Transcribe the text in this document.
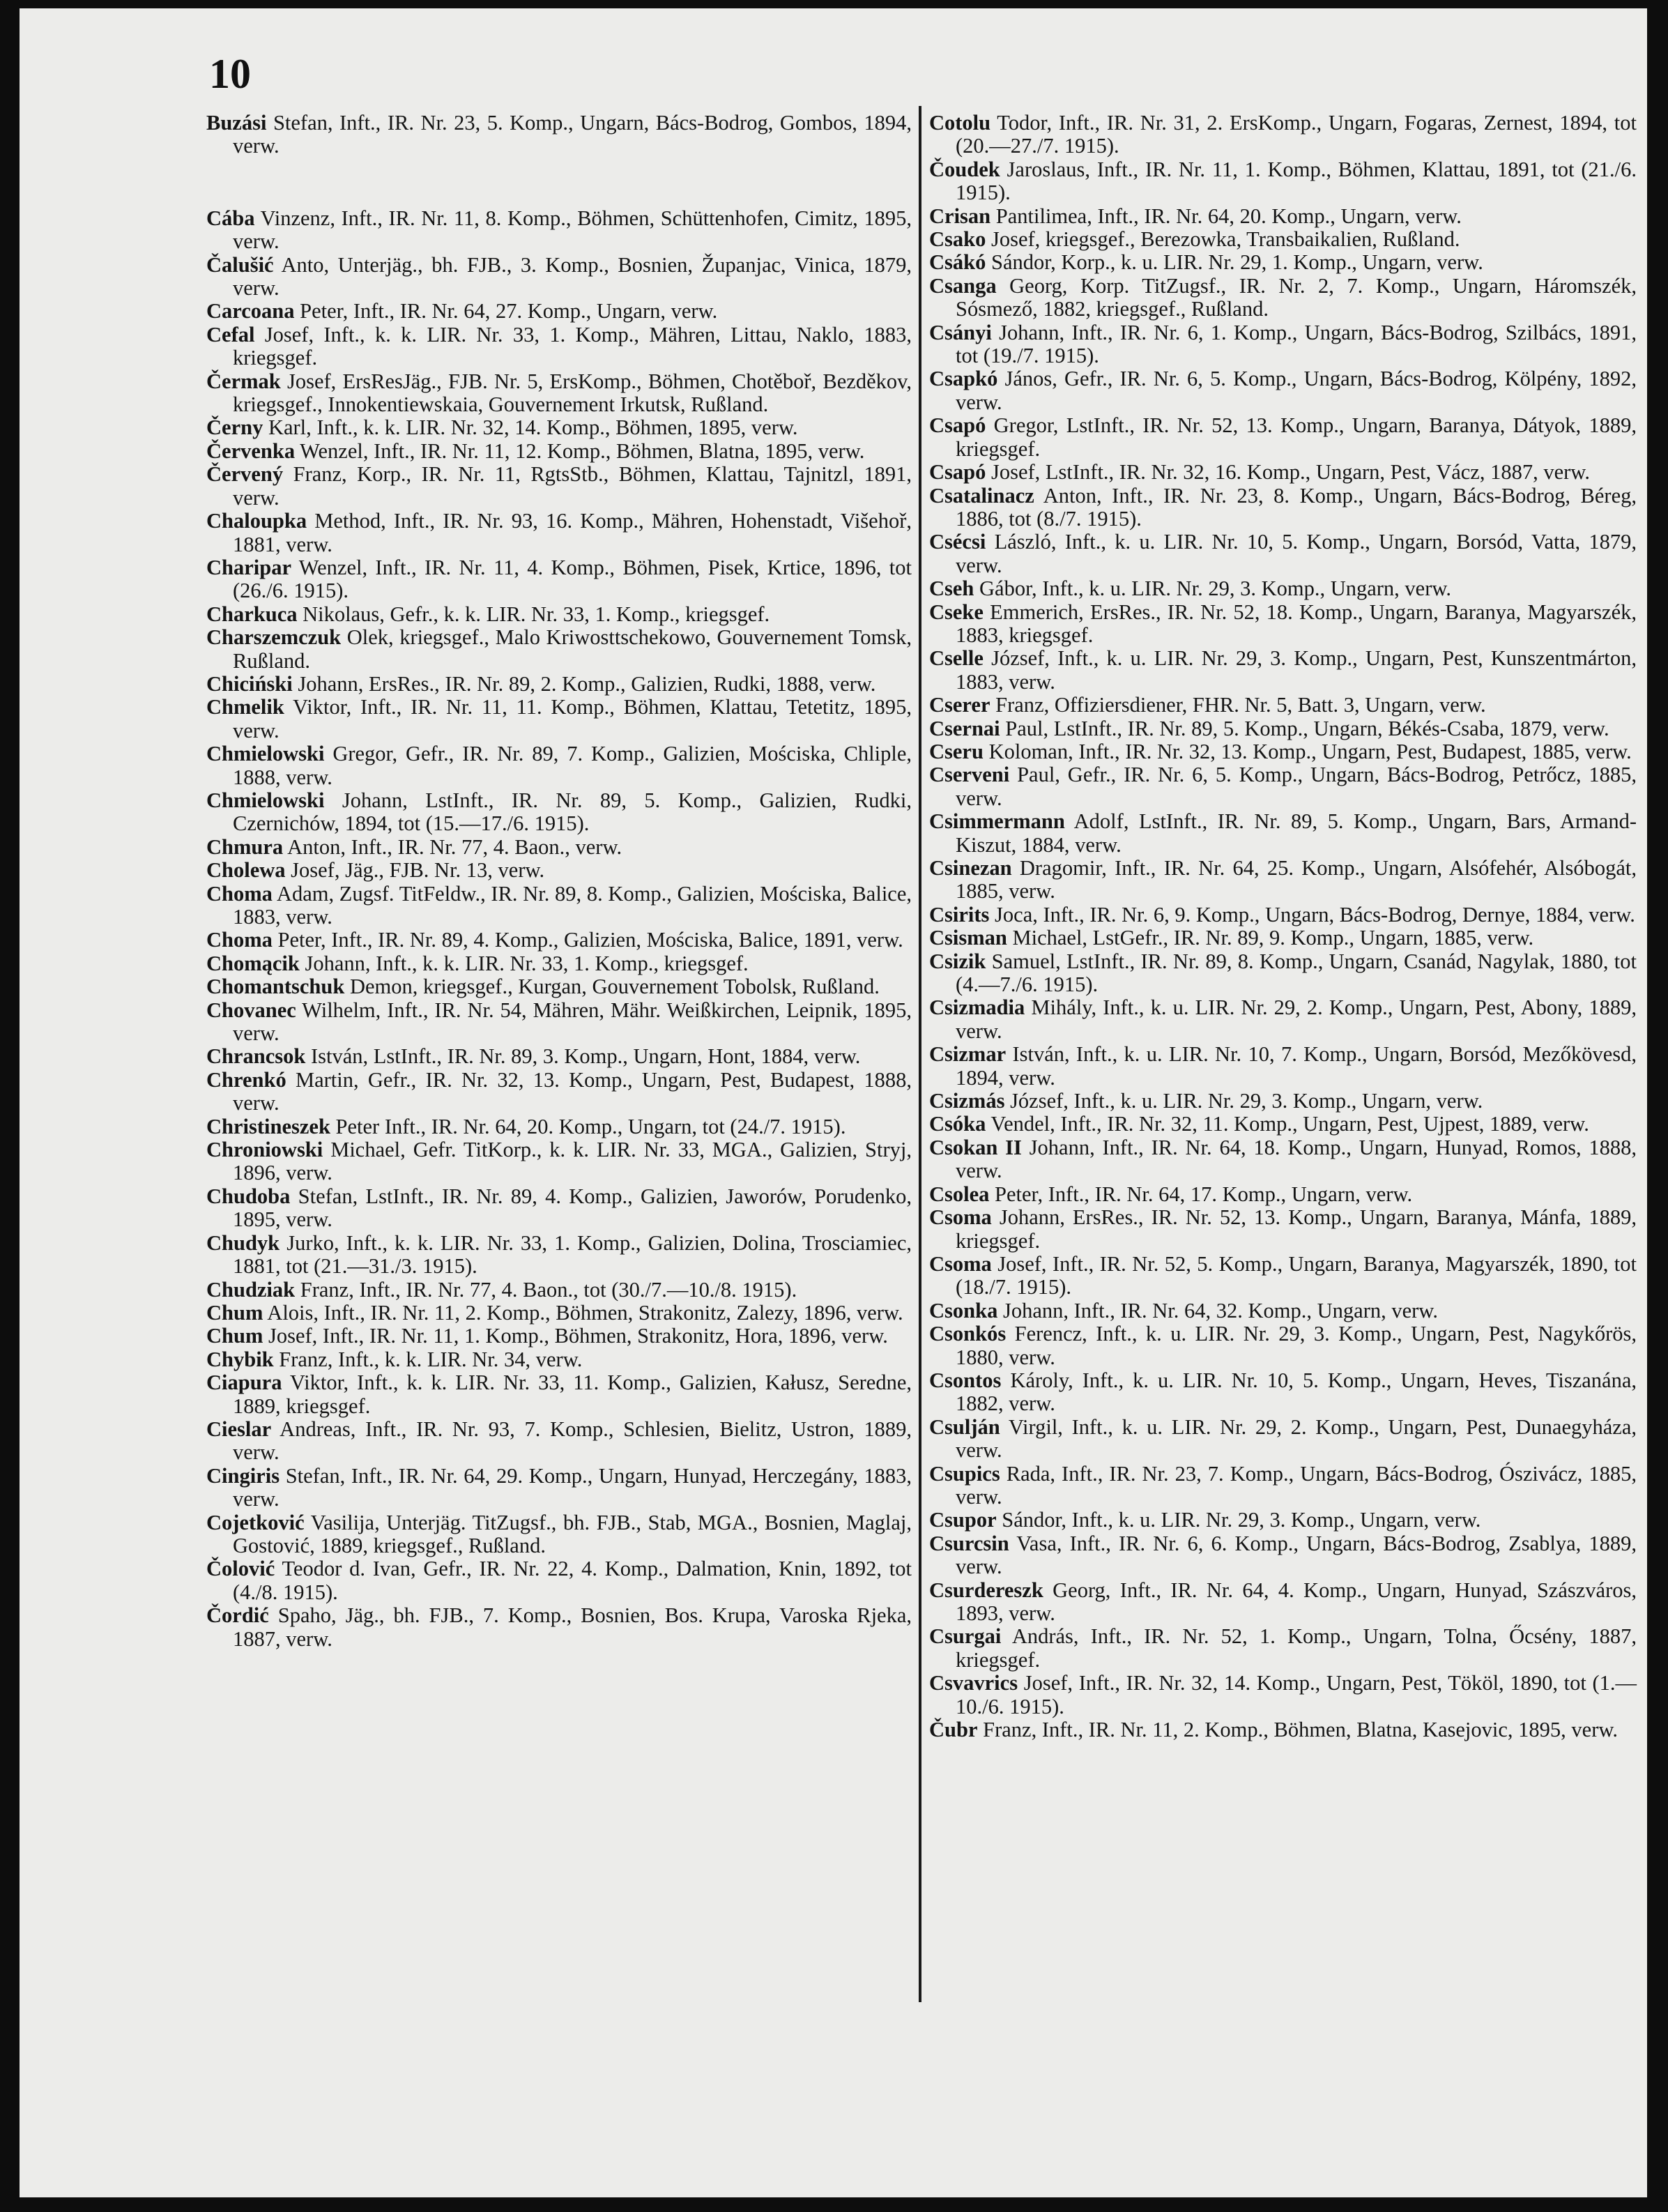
10

Buzási Stefan, Inft., IR. Nr. 23, 5. Komp., Ungarn, Bács-Bodrog, Gombos, 1894, verw.

Cába Vinzenz, Inft., IR. Nr. 11, 8. Komp., Böhmen, Schüttenhofen, Cimitz, 1895, verw.

Čalušić Anto, Unterjäg., bh. FJB., 3. Komp., Bosnien, Županjac, Vinica, 1879, verw.

Carcoana Peter, Inft., IR. Nr. 64, 27. Komp., Ungarn, verw.

Cefal Josef, Inft., k. k. LIR. Nr. 33, 1. Komp., Mähren, Littau, Naklo, 1883, kriegsgef.

Čermak Josef, ErsResJäg., FJB. Nr. 5, ErsKomp., Böhmen, Chotěboř, Bezděkov, kriegsgef., Innokentiewskaia, Gouvernement Irkutsk, Rußland.

Černy Karl, Inft., k. k. LIR. Nr. 32, 14. Komp., Böhmen, 1895, verw.

Červenka Wenzel, Inft., IR. Nr. 11, 12. Komp., Böhmen, Blatna, 1895, verw.

Červený Franz, Korp., IR. Nr. 11, RgtsStb., Böhmen, Klattau, Tajnitzl, 1891, verw.

Chaloupka Method, Inft., IR. Nr. 93, 16. Komp., Mähren, Hohenstadt, Višehoř, 1881, verw.

Charipar Wenzel, Inft., IR. Nr. 11, 4. Komp., Böhmen, Pisek, Krtice, 1896, tot (26./6. 1915).

Charkuca Nikolaus, Gefr., k. k. LIR. Nr. 33, 1. Komp., kriegsgef.

Charszemczuk Olek, kriegsgef., Malo Kriwosttschekowo, Gouvernement Tomsk, Rußland.

Chiciński Johann, ErsRes., IR. Nr. 89, 2. Komp., Galizien, Rudki, 1888, verw.

Chmelik Viktor, Inft., IR. Nr. 11, 11. Komp., Böhmen, Klattau, Tetetitz, 1895, verw.

Chmielowski Gregor, Gefr., IR. Nr. 89, 7. Komp., Galizien, Mościska, Chliple, 1888, verw.

Chmielowski Johann, LstInft., IR. Nr. 89, 5. Komp., Galizien, Rudki, Czernichów, 1894, tot (15.—17./6. 1915).

Chmura Anton, Inft., IR. Nr. 77, 4. Baon., verw.

Cholewa Josef, Jäg., FJB. Nr. 13, verw.

Choma Adam, Zugsf. TitFeldw., IR. Nr. 89, 8. Komp., Galizien, Mościska, Balice, 1883, verw.

Choma Peter, Inft., IR. Nr. 89, 4. Komp., Galizien, Mościska, Balice, 1891, verw.

Chomącik Johann, Inft., k. k. LIR. Nr. 33, 1. Komp., kriegsgef.

Chomantschuk Demon, kriegsgef., Kurgan, Gouvernement Tobolsk, Rußland.

Chovanec Wilhelm, Inft., IR. Nr. 54, Mähren, Mähr. Weißkirchen, Leipnik, 1895, verw.

Chrancsok István, LstInft., IR. Nr. 89, 3. Komp., Ungarn, Hont, 1884, verw.

Chrenkó Martin, Gefr., IR. Nr. 32, 13. Komp., Ungarn, Pest, Budapest, 1888, verw.

Christineszek Peter Inft., IR. Nr. 64, 20. Komp., Ungarn, tot (24./7. 1915).

Chroniowski Michael, Gefr. TitKorp., k. k. LIR. Nr. 33, MGA., Galizien, Stryj, 1896, verw.

Chudoba Stefan, LstInft., IR. Nr. 89, 4. Komp., Galizien, Jaworów, Porudenko, 1895, verw.

Chudyk Jurko, Inft., k. k. LIR. Nr. 33, 1. Komp., Galizien, Dolina, Trosciamiec, 1881, tot (21.—31./3. 1915).

Chudziak Franz, Inft., IR. Nr. 77, 4. Baon., tot (30./7.—10./8. 1915).

Chum Alois, Inft., IR. Nr. 11, 2. Komp., Böhmen, Strakonitz, Zalezy, 1896, verw.

Chum Josef, Inft., IR. Nr. 11, 1. Komp., Böhmen, Strakonitz, Hora, 1896, verw.

Chybik Franz, Inft., k. k. LIR. Nr. 34, verw.

Ciapura Viktor, Inft., k. k. LIR. Nr. 33, 11. Komp., Galizien, Kałusz, Seredne, 1889, kriegsgef.

Cieslar Andreas, Inft., IR. Nr. 93, 7. Komp., Schlesien, Bielitz, Ustron, 1889, verw.

Cingiris Stefan, Inft., IR. Nr. 64, 29. Komp., Ungarn, Hunyad, Herczegány, 1883, verw.

Cojetković Vasilija, Unterjäg. TitZugsf., bh. FJB., Stab, MGA., Bosnien, Maglaj, Gostović, 1889, kriegsgef., Rußland.

Čolović Teodor d. Ivan, Gefr., IR. Nr. 22, 4. Komp., Dalmation, Knin, 1892, tot (4./8. 1915).

Čordić Spaho, Jäg., bh. FJB., 7. Komp., Bosnien, Bos. Krupa, Varoska Rjeka, 1887, verw.

Cotolu Todor, Inft., IR. Nr. 31, 2. ErsKomp., Ungarn, Fogaras, Zernest, 1894, tot (20.—27./7. 1915).

Čoudek Jaroslaus, Inft., IR. Nr. 11, 1. Komp., Böhmen, Klattau, 1891, tot (21./6. 1915).

Crisan Pantilimea, Inft., IR. Nr. 64, 20. Komp., Ungarn, verw.

Csako Josef, kriegsgef., Berezowka, Transbaikalien, Rußland.

Csákó Sándor, Korp., k. u. LIR. Nr. 29, 1. Komp., Ungarn, verw.

Csanga Georg, Korp. TitZugsf., IR. Nr. 2, 7. Komp., Ungarn, Háromszék, Sósmező, 1882, kriegsgef., Rußland.

Csányi Johann, Inft., IR. Nr. 6, 1. Komp., Ungarn, Bács-Bodrog, Szilbács, 1891, tot (19./7. 1915).

Csapkó János, Gefr., IR. Nr. 6, 5. Komp., Ungarn, Bács-Bodrog, Kölpény, 1892, verw.

Csapó Gregor, LstInft., IR. Nr. 52, 13. Komp., Ungarn, Baranya, Dátyok, 1889, kriegsgef.

Csapó Josef, LstInft., IR. Nr. 32, 16. Komp., Ungarn, Pest, Vácz, 1887, verw.

Csatalinacz Anton, Inft., IR. Nr. 23, 8. Komp., Ungarn, Bács-Bodrog, Béreg, 1886, tot (8./7. 1915).

Csécsi László, Inft., k. u. LIR. Nr. 10, 5. Komp., Ungarn, Borsód, Vatta, 1879, verw.

Cseh Gábor, Inft., k. u. LIR. Nr. 29, 3. Komp., Ungarn, verw.

Cseke Emmerich, ErsRes., IR. Nr. 52, 18. Komp., Ungarn, Baranya, Magyarszék, 1883, kriegsgef.

Cselle József, Inft., k. u. LIR. Nr. 29, 3. Komp., Ungarn, Pest, Kunszentmárton, 1883, verw.

Cserer Franz, Offiziersdiener, FHR. Nr. 5, Batt. 3, Ungarn, verw.

Csernai Paul, LstInft., IR. Nr. 89, 5. Komp., Ungarn, Békés-Csaba, 1879, verw.

Cseru Koloman, Inft., IR. Nr. 32, 13. Komp., Ungarn, Pest, Budapest, 1885, verw.

Cserveni Paul, Gefr., IR. Nr. 6, 5. Komp., Ungarn, Bács-Bodrog, Petrőcz, 1885, verw.

Csimmermann Adolf, LstInft., IR. Nr. 89, 5. Komp., Ungarn, Bars, Armand-Kiszut, 1884, verw.

Csinezan Dragomir, Inft., IR. Nr. 64, 25. Komp., Ungarn, Alsófehér, Alsóbogát, 1885, verw.

Csirits Joca, Inft., IR. Nr. 6, 9. Komp., Ungarn, Bács-Bodrog, Dernye, 1884, verw.

Csisman Michael, LstGefr., IR. Nr. 89, 9. Komp., Ungarn, 1885, verw.

Csizik Samuel, LstInft., IR. Nr. 89, 8. Komp., Ungarn, Csanád, Nagylak, 1880, tot (4.—7./6. 1915).

Csizmadia Mihály, Inft., k. u. LIR. Nr. 29, 2. Komp., Ungarn, Pest, Abony, 1889, verw.

Csizmar István, Inft., k. u. LIR. Nr. 10, 7. Komp., Ungarn, Borsód, Mezőkövesd, 1894, verw.

Csizmás József, Inft., k. u. LIR. Nr. 29, 3. Komp., Ungarn, verw.

Csóka Vendel, Inft., IR. Nr. 32, 11. Komp., Ungarn, Pest, Ujpest, 1889, verw.

Csokan II Johann, Inft., IR. Nr. 64, 18. Komp., Ungarn, Hunyad, Romos, 1888, verw.

Csolea Peter, Inft., IR. Nr. 64, 17. Komp., Ungarn, verw.

Csoma Johann, ErsRes., IR. Nr. 52, 13. Komp., Ungarn, Baranya, Mánfa, 1889, kriegsgef.

Csoma Josef, Inft., IR. Nr. 52, 5. Komp., Ungarn, Baranya, Magyarszék, 1890, tot (18./7. 1915).

Csonka Johann, Inft., IR. Nr. 64, 32. Komp., Ungarn, verw.

Csonkós Ferencz, Inft., k. u. LIR. Nr. 29, 3. Komp., Ungarn, Pest, Nagykőrös, 1880, verw.

Csontos Károly, Inft., k. u. LIR. Nr. 10, 5. Komp., Ungarn, Heves, Tiszanána, 1882, verw.

Csulján Virgil, Inft., k. u. LIR. Nr. 29, 2. Komp., Ungarn, Pest, Dunaegyháza, verw.

Csupics Rada, Inft., IR. Nr. 23, 7. Komp., Ungarn, Bács-Bodrog, Ószivácz, 1885, verw.

Csupor Sándor, Inft., k. u. LIR. Nr. 29, 3. Komp., Ungarn, verw.

Csurcsin Vasa, Inft., IR. Nr. 6, 6. Komp., Ungarn, Bács-Bodrog, Zsablya, 1889, verw.

Csurdereszk Georg, Inft., IR. Nr. 64, 4. Komp., Ungarn, Hunyad, Szászváros, 1893, verw.

Csurgai András, Inft., IR. Nr. 52, 1. Komp., Ungarn, Tolna, Őcsény, 1887, kriegsgef.

Csvavrics Josef, Inft., IR. Nr. 32, 14. Komp., Ungarn, Pest, Tököl, 1890, tot (1.—10./6. 1915).

Čubr Franz, Inft., IR. Nr. 11, 2. Komp., Böhmen, Blatna, Kasejovic, 1895, verw.
